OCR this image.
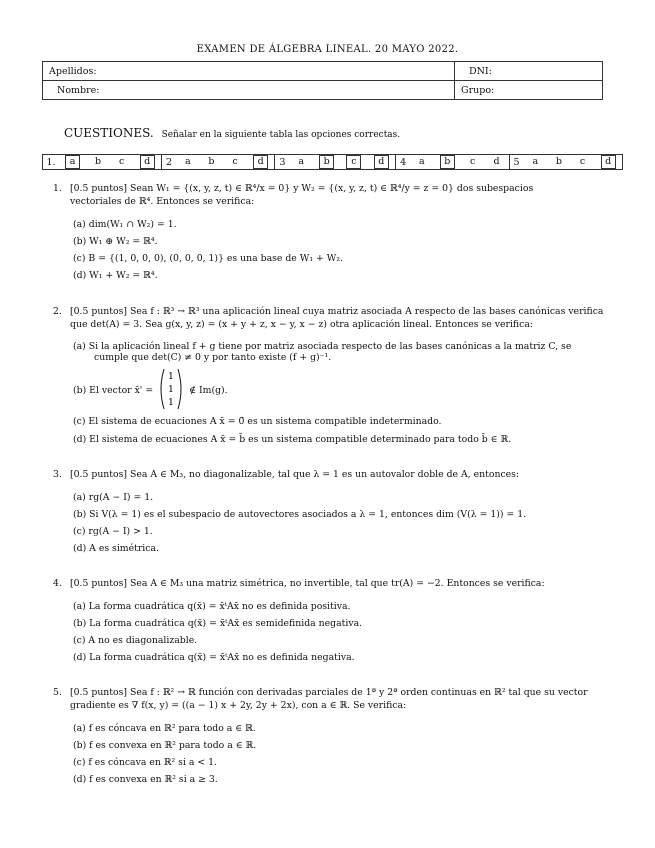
EXAMEN DE ÁLGEBRA LINEAL. 20 MAYO 2022.
Apellidos:	DNI:
Nombre:	Grupo:
CUESTIONES. Señalar en la siguiente tabla las opciones correctas.
1.	a	b	c	d	2	a	b	c	d	3	a	b	c	d	4	a	b	c	d	5	a	b	c	d
1. [0.5 puntos] Sean W₁ = {(x, y, z, t) ∈ ℝ⁴/x = 0} y W₂ = {(x, y, z, t) ∈ ℝ⁴/y = z = 0} dos subespacios
vectoriales de ℝ⁴. Entonces se verifica:
(a) dim(W₁ ∩ W₂) = 1.
(b) W₁ ⊕ W₂ = ℝ⁴.
(c) B = {(1, 0, 0, 0), (0, 0, 0, 1)} es una base de W₁ + W₂.
(d) W₁ + W₂ = ℝ⁴.
2. [0.5 puntos] Sea f : ℝ³ → ℝ³ una aplicación lineal cuya matriz asociada A respecto de las bases canónicas verifica
que det(A) = 3. Sea g(x, y, z) = (x + y + z, x − y, x − z) otra aplicación lineal. Entonces se verifica:
(a) Si la aplicación lineal f + g tiene por matriz asociada respecto de las bases canónicas a la matriz C, se
cumple que det(C) ≠ 0 y por tanto existe (f + g)⁻¹.
(b) El vector x̄' =
1
1
1
∉ Im(g).
(c) El sistema de ecuaciones A x̄ = 0̄ es un sistema compatible indeterminado.
(d) El sistema de ecuaciones A x̄ = b̄ es un sistema compatible determinado para todo b̄ ∈ ℝ.
3. [0.5 puntos] Sea A ∈ M₃, no diagonalizable, tal que λ = 1 es un autovalor doble de A, entonces:
(a) rg(A − I) = 1.
(b) Si V(λ = 1) es el subespacio de autovectores asociados a λ = 1, entonces dim (V(λ = 1)) = 1.
(c) rg(A − I) > 1.
(d) A es simétrica.
4. [0.5 puntos] Sea A ∈ M₃ una matriz simétrica, no invertible, tal que tr(A) = −2. Entonces se verifica:
(a) La forma cuadrática q(x̄) = x̄ᵗAx̄ no es definida positiva.
(b) La forma cuadrática q(x̄) = x̄ᵗAx̄ es semidefinida negativa.
(c) A no es diagonalizable.
(d) La forma cuadrática q(x̄) = x̄ᵗAx̄ no es definida negativa.
5. [0.5 puntos] Sea f : ℝ² → ℝ función con derivadas parciales de 1ª y 2ª orden continuas en ℝ² tal que su vector
gradiente es ∇ f(x, y) = ((a − 1) x + 2y, 2y + 2x), con a ∈ ℝ. Se verifica:
(a) f es cóncava en ℝ² para todo a ∈ ℝ.
(b) f es convexa en ℝ² para todo a ∈ ℝ.
(c) f es cóncava en ℝ² si a < 1.
(d) f es convexa en ℝ² si a ≥ 3.
